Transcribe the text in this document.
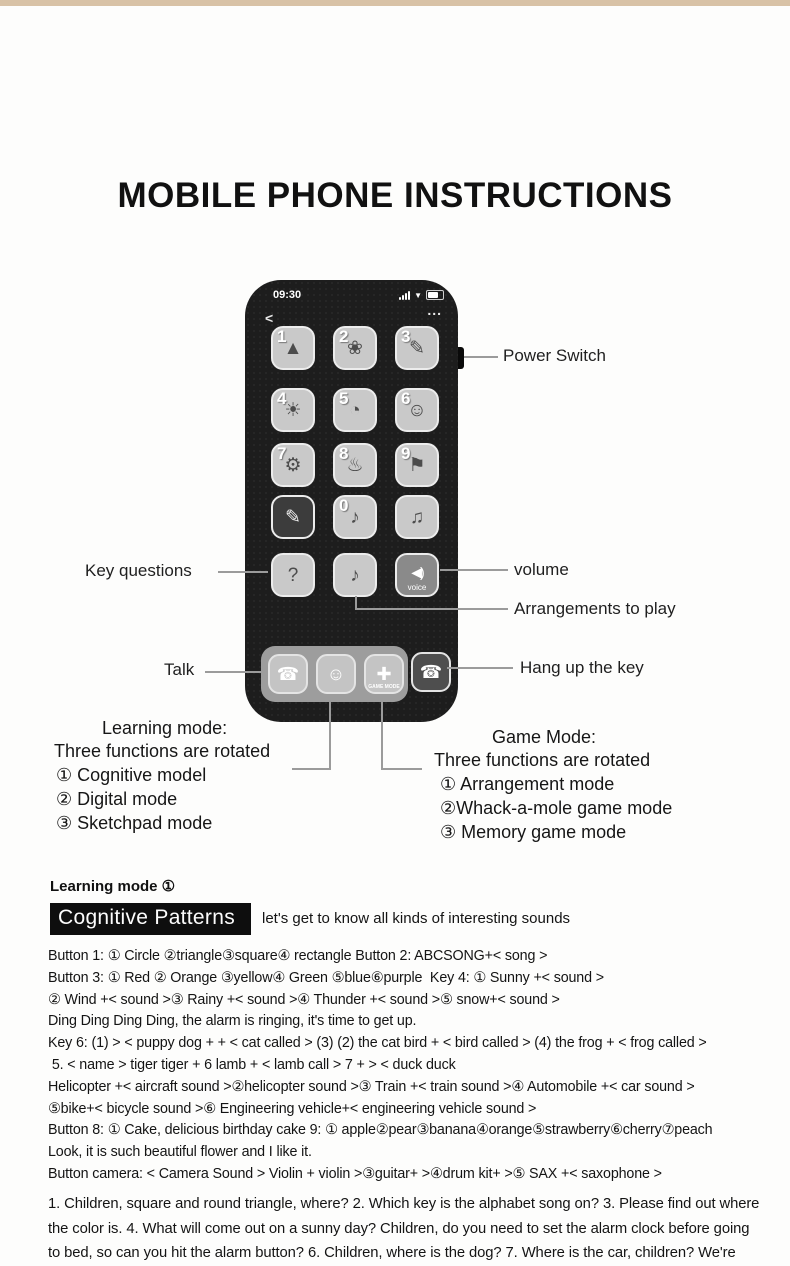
MOBILE PHONE INSTRUCTIONS
09:30	▼
<	...
1
▲
2
❀
3
✎
4
☀
5
◔
6
☺
7
⚙
8
♨
9
⚑
✎
0
♪	♫
?	♪	◀)
voice
☎ ☺ ✚
GAME MODE
☎
Power Switch
Key questions	volume
Arrangements to play
Talk	Hang up the key
Learning mode:
Three functions are rotated
① Cognitive model
② Digital mode
③ Sketchpad mode
Game Mode:
Three functions are rotated
① Arrangement mode
②Whack-a-mole game mode
③ Memory game mode
Learning mode ①
Cognitive Patterns	let's get to know all kinds of interesting sounds
Button 1: ① Circle ②triangle③square④ rectangle Button 2: ABCSONG+< song >
Button 3: ① Red ② Orange ③yellow④ Green ⑤blue⑥purple  Key 4: ① Sunny +< sound >
② Wind +< sound >③ Rainy +< sound >④ Thunder +< sound >⑤ snow+< sound >
Ding Ding Ding Ding, the alarm is ringing, it's time to get up.
Key 6: (1) > < puppy dog + + < cat called > (3) (2) the cat bird + < bird called > (4) the frog + < frog called >
5. < name > tiger tiger + 6 lamb + < lamb call > 7 + > < duck duck
Helicopter +< aircraft sound >②helicopter sound >③ Train +< train sound >④ Automobile +< car sound >
⑤bike+< bicycle sound >⑥ Engineering vehicle+< engineering vehicle sound >
Button 8: ① Cake, delicious birthday cake 9: ① apple②pear③banana④orange⑤strawberry⑥cherry⑦peach
Look, it is such beautiful flower and I like it.
Button camera: < Camera Sound > Violin + violin >③guitar+ >④drum kit+ >⑤ SAX +< saxophone >
1. Children, square and round triangle, where? 2. Which key is the alphabet song on? 3. Please find out where
the color is. 4. What will come out on a sunny day? Children, do you need to set the alarm clock before going
to bed, so can you hit the alarm button? 6. Children, where is the dog? 7. Where is the car, children? We're
